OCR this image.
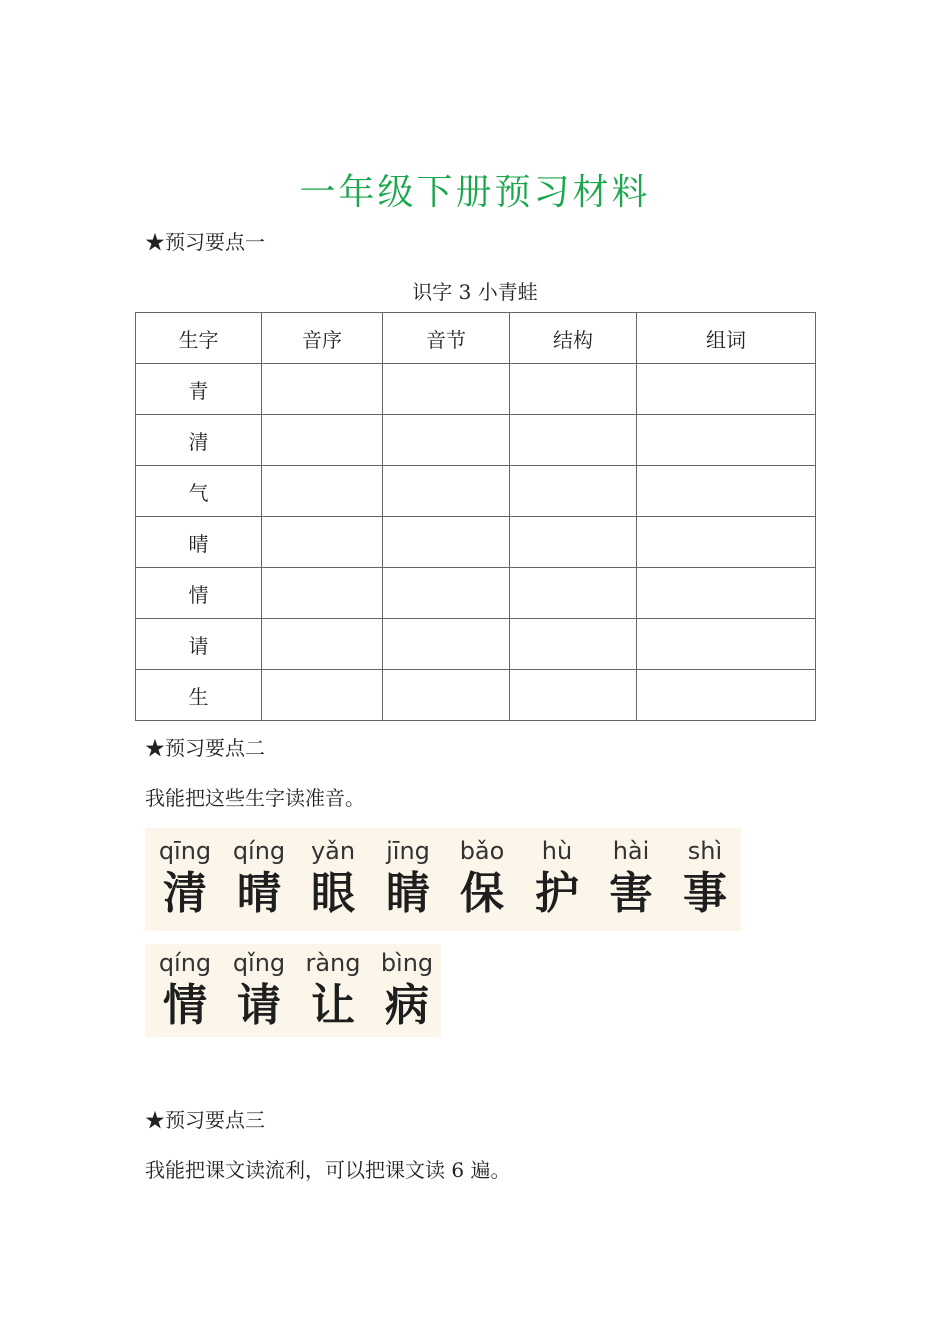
一年级下册预习材料
★预习要点一
识字 3 小青蛙
生字	音序	音节	结构	组词
青				
清				
气				
晴				
情				
请				
生				
★预习要点二
我能把这些生字读准音。
qīng
清
qíng
晴
yǎn
眼
jīng
睛
bǎo
保
hù
护
hài
害
shì
事
qíng
情
qǐng
请
ràng
让
bìng
病
★预习要点三
我能把课文读流利，可以把课文读 6 遍。
